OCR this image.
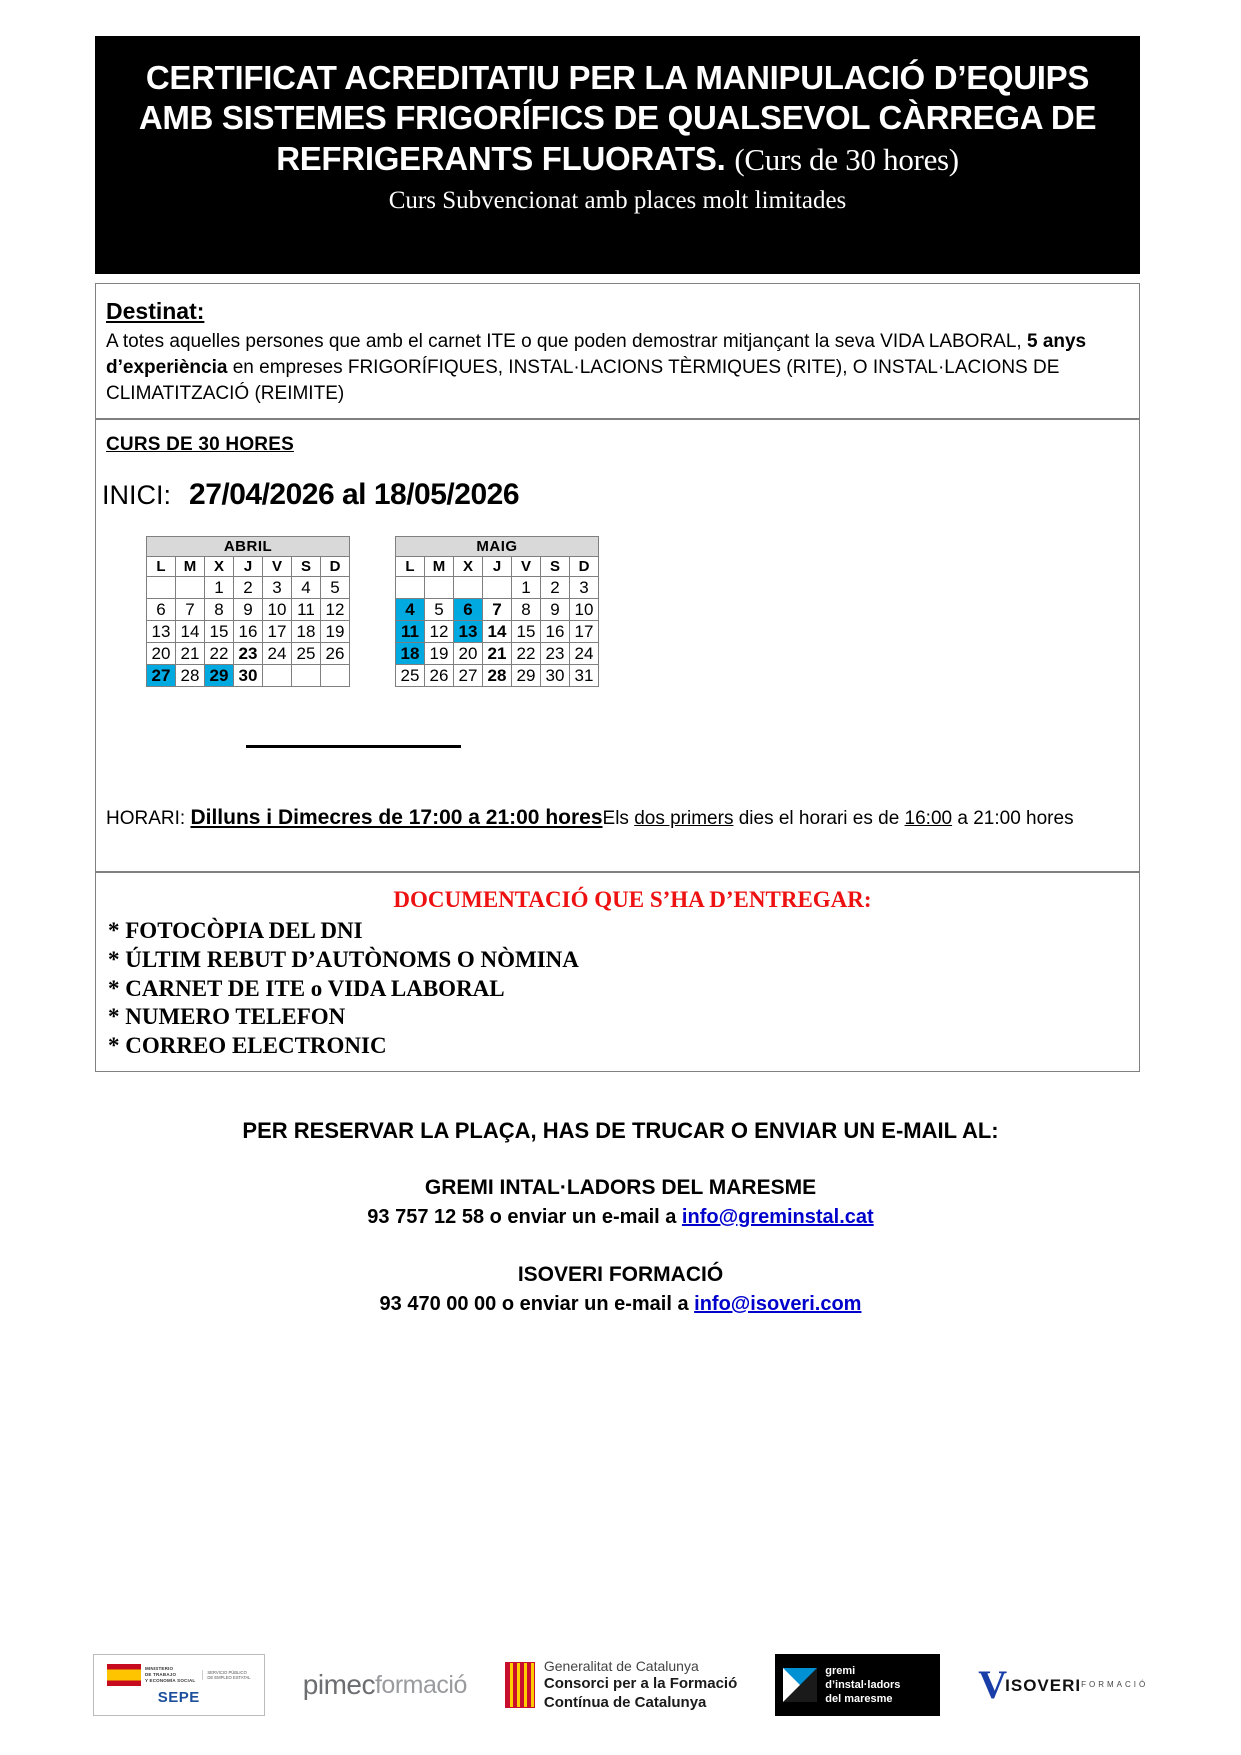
CERTIFICAT ACREDITATIU PER LA MANIPULACIÓ D’EQUIPS
AMB SISTEMES FRIGORÍFICS DE QUALSEVOL CÀRREGA DE
REFRIGERANTS FLUORATS. (Curs de 30 hores)
Curs Subvencionat amb places molt limitades
Destinat:
A totes aquelles persones que amb el carnet ITE o que poden demostrar mitjançant la seva VIDA LABORAL, 5 anys d’experiència en empreses FRIGORÍFIQUES, INSTAL·LACIONS TÈRMIQUES (RITE), O INSTAL·LACIONS DE CLIMATITZACIÓ (REIMITE)
CURS DE 30 HORES
INICI: 27/04/2026 al 18/05/2026
ABRIL						
L	M	X	J	V	S	D
		1	2	3	4	5
6	7	8	9	10	11	12
13	14	15	16	17	18	19
20	21	22	23	24	25	26
27	28	29	30			
MAIG						
L	M	X	J	V	S	D
				1	2	3
4	5	6	7	8	9	10
11	12	13	14	15	16	17
18	19	20	21	22	23	24
25	26	27	28	29	30	31
HORARI: Dilluns i Dimecres de 17:00 a 21:00 horesEls dos primers dies el horari es de 16:00 a 21:00 hores
DOCUMENTACIÓ QUE S’HA D’ENTREGAR:
* FOTOCÒPIA DEL DNI
* ÚLTIM REBUT D’AUTÒNOMS O NÒMINA
* CARNET DE ITE o VIDA LABORAL
* NUMERO TELEFON
* CORREO ELECTRONIC
PER RESERVAR LA PLAÇA, HAS DE TRUCAR O ENVIAR UN E-MAIL AL:
GREMI INTAL·LADORS DEL MARESME
93 757 12 58 o enviar un e-mail a info@greminstal.cat
ISOVERI FORMACIÓ
93 470 00 00 o enviar un e-mail a info@isoveri.com
MINISTERIO
DE TRABAJO
Y ECONOMÍA SOCIAL
SERVICIO PÚBLICO
DE EMPLEO ESTATAL
SEPE	pimec formació
Generalitat de Catalunya
Consorci per a la Formació
Contínua de Catalunya
gremi
d’instal·ladors
del maresme V ISOVERI FORMACIÓ
